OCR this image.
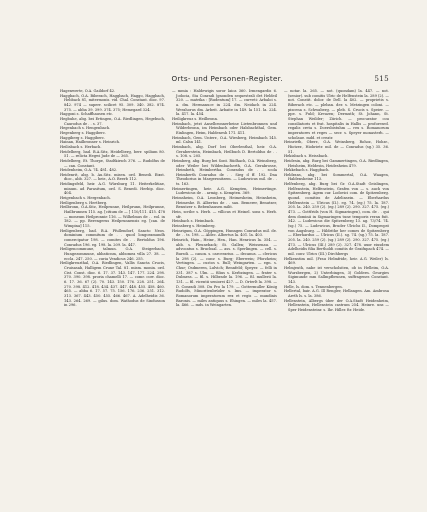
Orts- und Personen-Register.	515

Hagenwerte, O.A. Gaildorf 42.

Haggbach, O.A. Biberach, Haggbach, Haggo, Haggbach, Hebbach 81, mitermonis. vid. Chal. Constant. dioc. 97. 842. 974 — superr. scilicet 95. 309. 340. 382. 874. 375. — abba 39. 399. 374. 375; Hemegard 324.

Haggoni s. Schaffhausen etc.

Hegbuhe, abg. bei Ertingen, O.A. Riedlingen, Hegebuch, Caurodus de . . s. 37.

Hegenbach s. Hengenbach.

Hegenberg s. Haggiberc.

Haggiberg s. Haggiberc.

Hainan, Hailbronner s. Heinrich.

Heilisbach s. Herbach.

Heidelberg, bad. B.A.Sitz, Heidelberg, berr. spilium 80. 51. — relicta Hegwi Jude de — 365.

Heidelberg, Et. Thorpe, Stadtkirsch 376. — Rudolfus de — can. Constant.

Heidenheim, O.A. 74. 481. 482.

Heidenrit, abg. b. Au.Sitz. misen. ord. Benedi. Eixst. dioc., abb. 327. — heir., A.O. Beerb 112.

Heidingsfeld, heir. A.G. Würzburg 11. Heiterkelitiae, minum. ad Parasitum, ord. S. Benedi. Herbip. dioc. 404.

Heigenbach s. Hergenbach.

Heiligenberg s. Hertberg.

Heilbronn, O.A.Sitz, Heilprunne, Heilprunn, Heilprunne, Hailbrunnen 115. ag. [citium de — ] 110/111. 415. 478 — moneum Heilpronnie 116. — Wilhelmus de . . eol. in 182. — pp. Berengerus Heilprunnensis eg. [can. de Wimpina] 115.

Heiligenberg, bad. B.A. Pfullendorf, Sancto Neos. dominium commitum de . . quod longoramundh comercipatur 198. — comites de . . Bertoldus 196. Conradus 196. eg. 198. la. 209. la. 447.

Heiligencommune, talmun. O.A. Steigerbach, Hungezommune, abbaticnm, abbomea villa 27. 38. — eccla. 247. 250. — curia Vendicus 246. 255.

Heiligkreuzthal, O.A. Riedlingen, Vallis Sancta Crucis, Cruisasab, Halligem Crune Tal. 81. mism. monin. ord. Cist. Const. dioc. 6. 17. 37. 143. 147. 177. 224. 298. 370. 390. 398. proria chamelli 17. — comr. corr. dioc. 6. 17. 36. 67 (2). 70. 143. 150. 176. 228. 251. 264. 270. 398. 412. 418. 434. 437. 447. 448. 455. 458. 460. 465. — abba 6. 17. 57. 75. 156. 176. 236. 251. 312. 313. 367. 443. 450. 455. 466. 467. A. Adelheidis 36. 143. 264. 269. — gilus. dom. Wathodus de Sindusson in 296.

— mmia : Haldewigis soror laica 360. Irmengardis 6. Jodocia, Sta Conradi (gnonden sequestrali det Heldeil 320. — matrika : [Rudentum] 17. — curveti: Arbaloi s. a. dm. Hermanuce in 224. dm. Neidach in 224. Werahorus dm. Arbeit. Arbaite in 149. la 151. la. 224. la. 417. la. 454.

Heiligkreuz s. Heilbronn.

Heimbach, jetzt Anselbronnerbeine Lietenbronnen und Wilderbronn, im Heimbach oder Halsbachthal, Gem. Einlingen, Heim, Haldenesh 171. 411.

Heimbach, Gem. Unterr., O.A. Wiesberg, Heimbach 145. ml. Calsn 141.

Heimbach, abg. Dorf bei Oberlenthal, heir. O.A. Geraberstein, Heimbach, Heilbuch D. Bertoldus de . . s. 108. s. 205.

Heimberg, abg. Burg bei Sont. Rüdhach, O.A. Weinsberg, oder Weiler bei Wildenbacherth, O.A. Gerabrosse, Heimbeth, Heimbertha. Conradus de . . scola Heimberth Conradus de . . Sieg d ff. 192. Dna Theodorius in Margersnitzem. — Ludowicus mil. de . . ts. 163.

Heimertingen, heir. A.G. Kempten, Heimertinge. Ludewicus de . . armig. s. Kempten. 369.

Heimsheim, O.A. Leonberg, Heimesheim, Heinsheim, Heimeshe. B. Albertus de . . sau. Bemerer, Benutzer, Benutzer s. Bebenhausen milit.

Hein, scribe s. Herb. — villicus et Heinel. sons s. Herb. sfr.

Heinbach s. Heimbach.

Heinsberg s. Heimberg.

Heinrigum, O.A. Göppingen, Hunngen Conradus mil. de. de . . ts. 198. — Aldec. Albertus la. 401. la. 403.

Heinrich, Hain., Heinr., Hen., Han. Henricus la. 354. — abb. s. Pleuneback; St. Gallen; Weissenau. — advocatus s. Bruchsal. — ass. s. Sperlingen. — cell. s. Bursdi. — canon. s. carcerarius. — decanus. — clericus la 298 (2). — conv. s. Burg; Eberwein; Pforzheim; Vertingen. — custos s. Rull; Weingarten. — egn. s. Chur; Osdmeren, Lulvich; Rennfeld; Speyer. — felli in 331. 387 s. Ulm. — filius s. Kerbzingen. — frater s. Dulmess. — fil. s. Hilbrade la. 196. — fil. mullerii la. 131. — fil. vicentii seniorei 427. — D. Orterlt la. 398. — D. Conradi 308. Du Pro la 179. — Gottermuller König Rudolfs, Minoritenbrüder s. Ims. — imperator s. Romanorum imperatorum rex et regis — mundinis Baronis. — miles antiquus s. Ehingen. — miles la. 457. la. 466. — mds. in Weingarten.

— notar. la. 265. — not. (quondam) la. 447. — not. (senior). sub comitis Ulric de Helfenstein la. 289 (2). — not. Constit. dolor. de Dell. la 402. — proprietis s. Biberach etc. — pleban. der. s. Metzingen coloni. — piscena s. Schwaberg. — pleb. S. Crucis s. Speier. — ppe. s. Fuld; Kreuzen; Dermuth; St. Johann, St. Stephan Weilder; Zürich. — procurator cou consiliatoris et frat. hospitalis in Hallis — proforesed. regalis creta s. Doersbistuhm — rex s. Romanorum imperatores et reges — secr. s. Speyer monasterh. — scholaue. mdd. et creatr.

Heinrieth, Oberr., O.A. Weinsberg, Rohoz, Hohzr., Hiotzer., Hiohrietr. mil. de — Conradus (sg.) 35. 36. 51.

Hekisbach s. Heissbach.

Heidesin, abg. Burg bei Gammertingen, O.A. Riedlingen, Heisheim, Heldesin, Heidesheim 479.

Hekkebach s. Haggbach.

Heldrans, abg. bei Sommertal, O.A. Waagen, Haldensheine 113.

Helfenberg, abg. Burg bei Gr. O.A.Stadt Geislingen, Helfenstein, Helfenstein, Grafen von — s. auch von Spitzenberg. Agem cur. Lodovici com. de Spitzenberg. quond. comitiss de Adelinsein. — Eberhardus Helfenstein — Ulricus (II.). eg. 74. (eg.) 75. la. 187. 205. la. 240. 259 (2). (eg.) 289 (2). 290. 327. 475. (eg.) 473. — Gottfrids (von H. Sigmaringen), com. de . . qui dem dominii in Sigmaringen tune temporis reran fuit. 342. — Ludewicus die Spitzenberg 13. ag. 73/74. 74. (sg.) 75. — Ludewicus, Bruder Ulrichs II., Dompropst von Augsburg. — Hildrithe her comes de Spitzenberg — Eberhardus — Ulricus (II.). sg. 74. (sg.) 75. la. 187. 205. la. 240. 259 (2). (sg.) 289 (2). 290. 327. 475. (eg.) 473. — Ulricus (III.) 289 (2). 327. 478. uxor eiusdem Adelheidis filia Bertholdi comitis de Graifnpach 474. — mil. conv. Ulrics (III.) Dirchbergs

Helkenstim mil. (Frau Helmfride, heir. A.G. Weiler) ls. 469.

Helmjeuth, nabe ist verscholsiten, ob in Helleim, O.A. Wurzbergen, 2) Unterbingen, 3) Goldern. Geurgies Sigimunde mm Sallmpfbrunen, suffragenes Constant. 143.

Helle, ls. dom. s. Tennenbergen.

Hellertal, bair. A.G. Ill Rengler, Hellangen. Am. Ambrosa Arrth ls. s. la. 386.

Hellenstein, Albergs über der O.A.Stadt Heidenheim, Hellenstein, Hellenstein castrum 254. Heinre. uns — Sper Heidensteinr. s. Ihr. Hiller. fir. Heide.
